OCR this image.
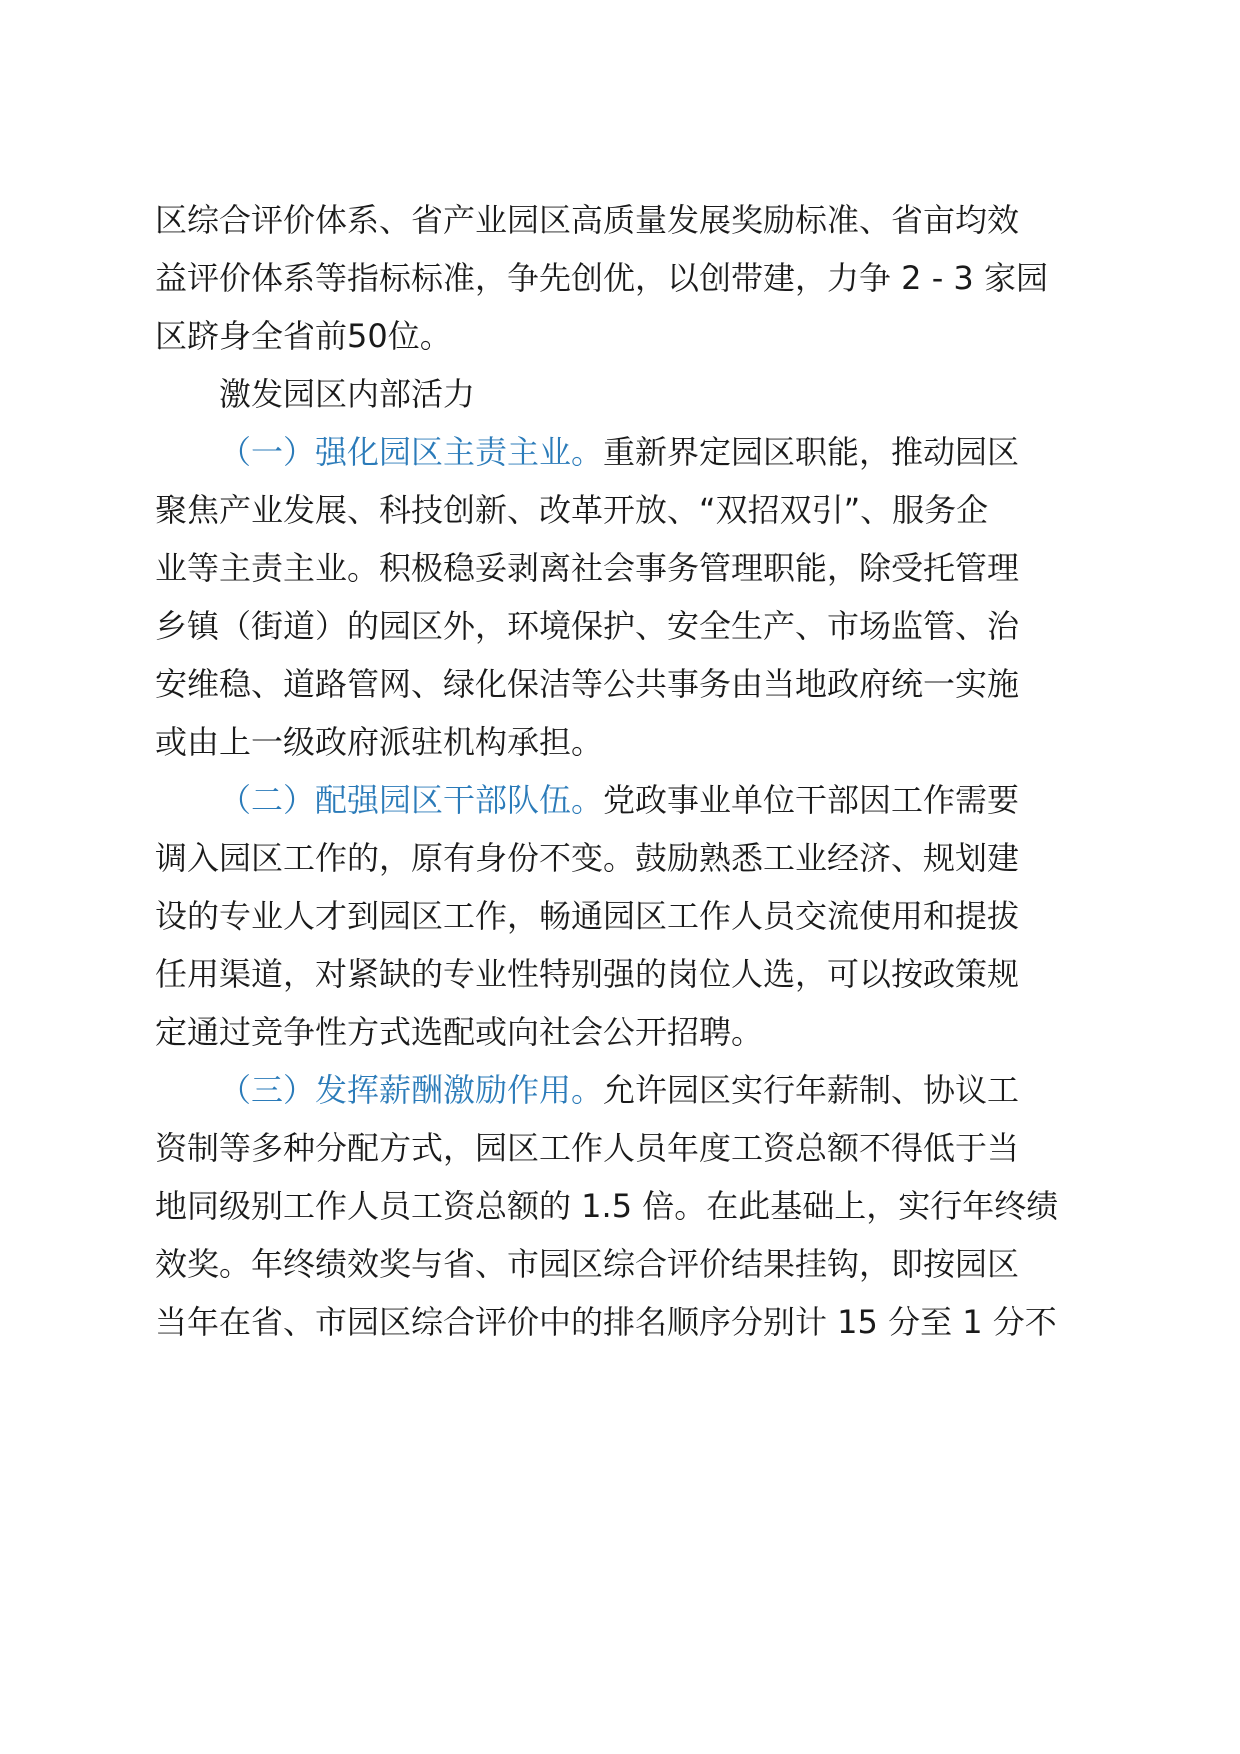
区综合评价体系、省产业园区高质量发展奖励标准、省亩均效
益评价体系等指标标准，争先创优，以创带建，力争 2 - 3 家园
区跻身全省前50位。
激发园区内部活力
（一）强化园区主责主业。重新界定园区职能，推动园区
聚焦产业发展、科技创新、改革开放、“双招双引”、服务企
业等主责主业。积极稳妥剥离社会事务管理职能，除受托管理
乡镇（街道）的园区外，环境保护、安全生产、市场监管、治
安维稳、道路管网、绿化保洁等公共事务由当地政府统一实施
或由上一级政府派驻机构承担。
（二）配强园区干部队伍。党政事业单位干部因工作需要
调入园区工作的，原有身份不变。鼓励熟悉工业经济、规划建
设的专业人才到园区工作，畅通园区工作人员交流使用和提拔
任用渠道，对紧缺的专业性特别强的岗位人选，可以按政策规
定通过竞争性方式选配或向社会公开招聘。
（三）发挥薪酬激励作用。允许园区实行年薪制、协议工
资制等多种分配方式，园区工作人员年度工资总额不得低于当
地同级别工作人员工资总额的 1.5 倍。在此基础上，实行年终绩
效奖。年终绩效奖与省、市园区综合评价结果挂钩，即按园区
当年在省、市园区综合评价中的排名顺序分别计 15 分至 1 分不
